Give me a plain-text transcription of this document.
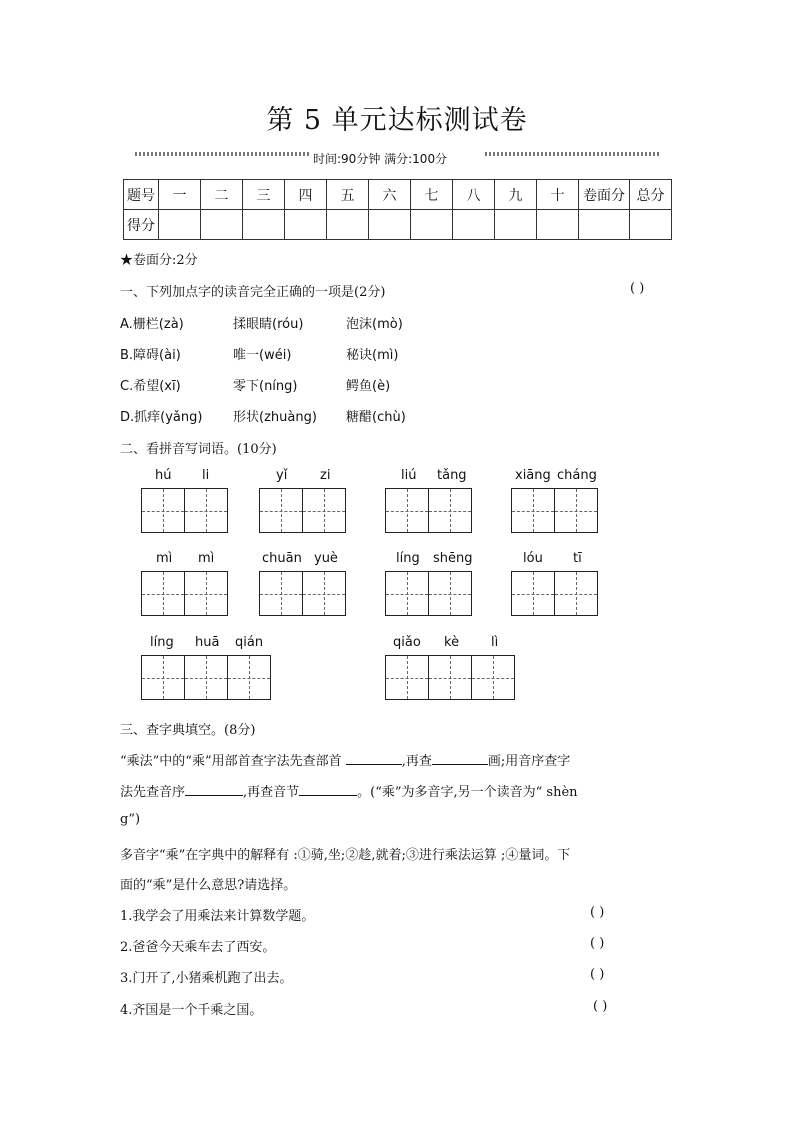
第 5 单元达标测试卷
时间:90分钟 满分:100分
题号	一	二	三	四	五	六	七	八	九	十	卷面分	总分
得分												
★卷面分:2分
一、下列加点字的读音完全正确的一项是(2分)	( )
A.栅栏(zà)	揉眼睛(róu)	泡沫(mò)
B.障碍(ài)	唯一(wéi)	秘诀(mì)
C.希望(xī)	零下(níng)	鳄鱼(è)
D.抓痒(yǎng) 形状(zhuàng) 糖醋(chù)
二、看拼音写词语。(10分)
hú li	yǐ	zi	liú tǎng	xiāng cháng
mì mì	chuān yuè	líng shēng	lóu tī
líng huā qián	qiǎo kè lì
三、查字典填空。(8分)
“乘法”中的“乘”用部首查字法先查部首	,再查	画;用音序查字
法先查音序	,再查音节	。(“乘”为多音字,另一个读音为“ shèn
g”)
多音字“乘”在字典中的解释有 :①骑,坐;②趁,就着;③进行乘法运算 ;④量词。下
面的“乘”是什么意思?请选择。
1.我学会了用乘法来计算数学题。	( )
2.爸爸今天乘车去了西安。	( )
3.门开了,小猪乘机跑了出去。	( )
4.齐国是一个千乘之国。	( )
